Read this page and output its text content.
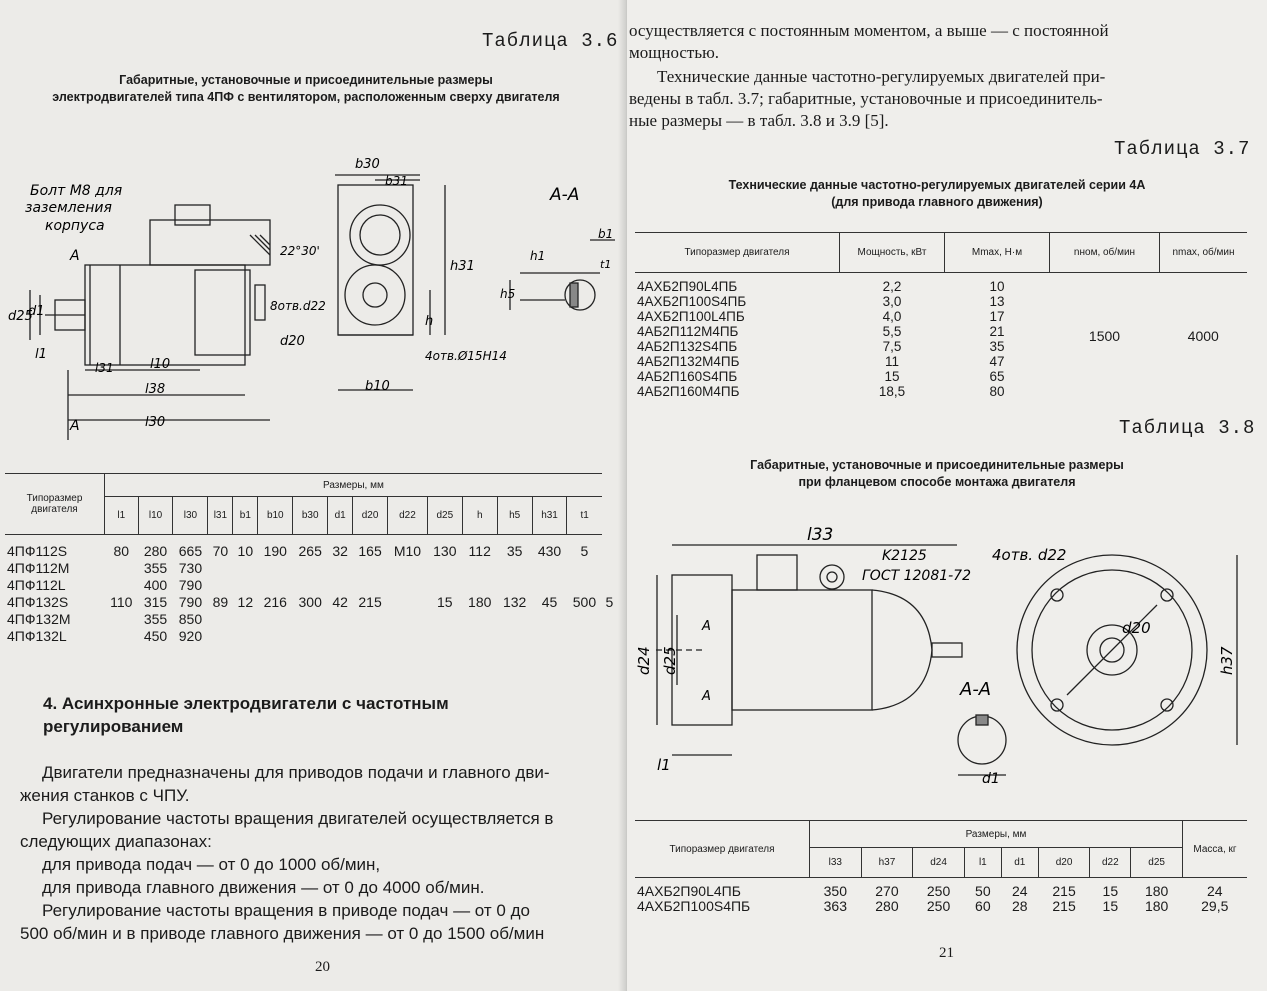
Таблица 3.6
Габаритные, установочные и присоединительные размеры
электродвигателей типа 4ПФ с вентилятором, расположенным сверху двигателя
Болт М8 для
заземления
корпуса
А-А
22°30'
8отв.d22
4отв.Ø15H14
А
А
d20
d25
d1
l1
l10
l31
l38
l30
b30
b31
b10
h31
h
b1
h1
h5
t1
Типоразмер двигателя	Размеры, мм															
	l1	l10	l30	l31	b1	b10	b30	d1	d20	d22	d25	h	h5	h31	t1	
4ПФ112S	80	280	665	70	10	190	265	32	165	M10	130	112	35	430	5	
4ПФ112M		355	730													
4ПФ112L		400	790													
4ПФ132S	110	315	790	89	12	216	300	42	215		15	180	132	45	500	5
4ПФ132M		355	850													
4ПФ132L		450	920													
4. Асинхронные электродвигатели с частотным
регулированием
Двигатели предназначены для приводов подачи и главного дви-
жения станков с ЧПУ.
Регулирование частоты вращения двигателей осуществляется в
следующих диапазонах:
для привода подач — от 0 до 1000 об/мин,
для привода главного движения — от 0 до 4000 об/мин.
Регулирование частоты вращения в приводе подач — от 0 до
500 об/мин и в приводе главного движения — от 0 до 1500 об/мин
20
осуществляется с постоянным моментом, а выше — с постоянной
мощностью.
Технические данные частотно-регулируемых двигателей при-
ведены в табл. 3.7; габаритные, установочные и присоединитель-
ные размеры — в табл. 3.8 и 3.9 [5].
Таблица 3.7
Технические данные частотно-регулируемых двигателей серии 4А
(для привода главного движения)
Типоразмер двигателя	Мощность, кВт	Mmax, Н·м	nном, об/мин	nmax, об/мин
4АХБ2П90L4ПБ	2,2	10	1500	4000
4АХБ2П100S4ПБ	3,0	13		
4АХБ2П100L4ПБ	4,0	17		
4АБ2П112М4ПБ	5,5	21		
4АБ2П132S4ПБ	7,5	35		
4АБ2П132М4ПБ	11	47		
4АБ2П160S4ПБ	15	65		
4АБ2П160М4ПБ	18,5	80		
Таблица 3.8
Габаритные, установочные и присоединительные размеры
при фланцевом способе монтажа двигателя
l33
K2125
ГОСТ 12081-72
4отв. d22
d20
h37
d24 d25
l1
А-А
d1
А
А
Типоразмер двигателя	Размеры, мм								Масса, кг
	l33	h37	d24	l1	d1	d20	d22	d25	
4АХБ2П90L4ПБ	350	270	250	50	24	215	15	180	24
4АХБ2П100S4ПБ	363	280	250	60	28	215	15	180	29,5
21
